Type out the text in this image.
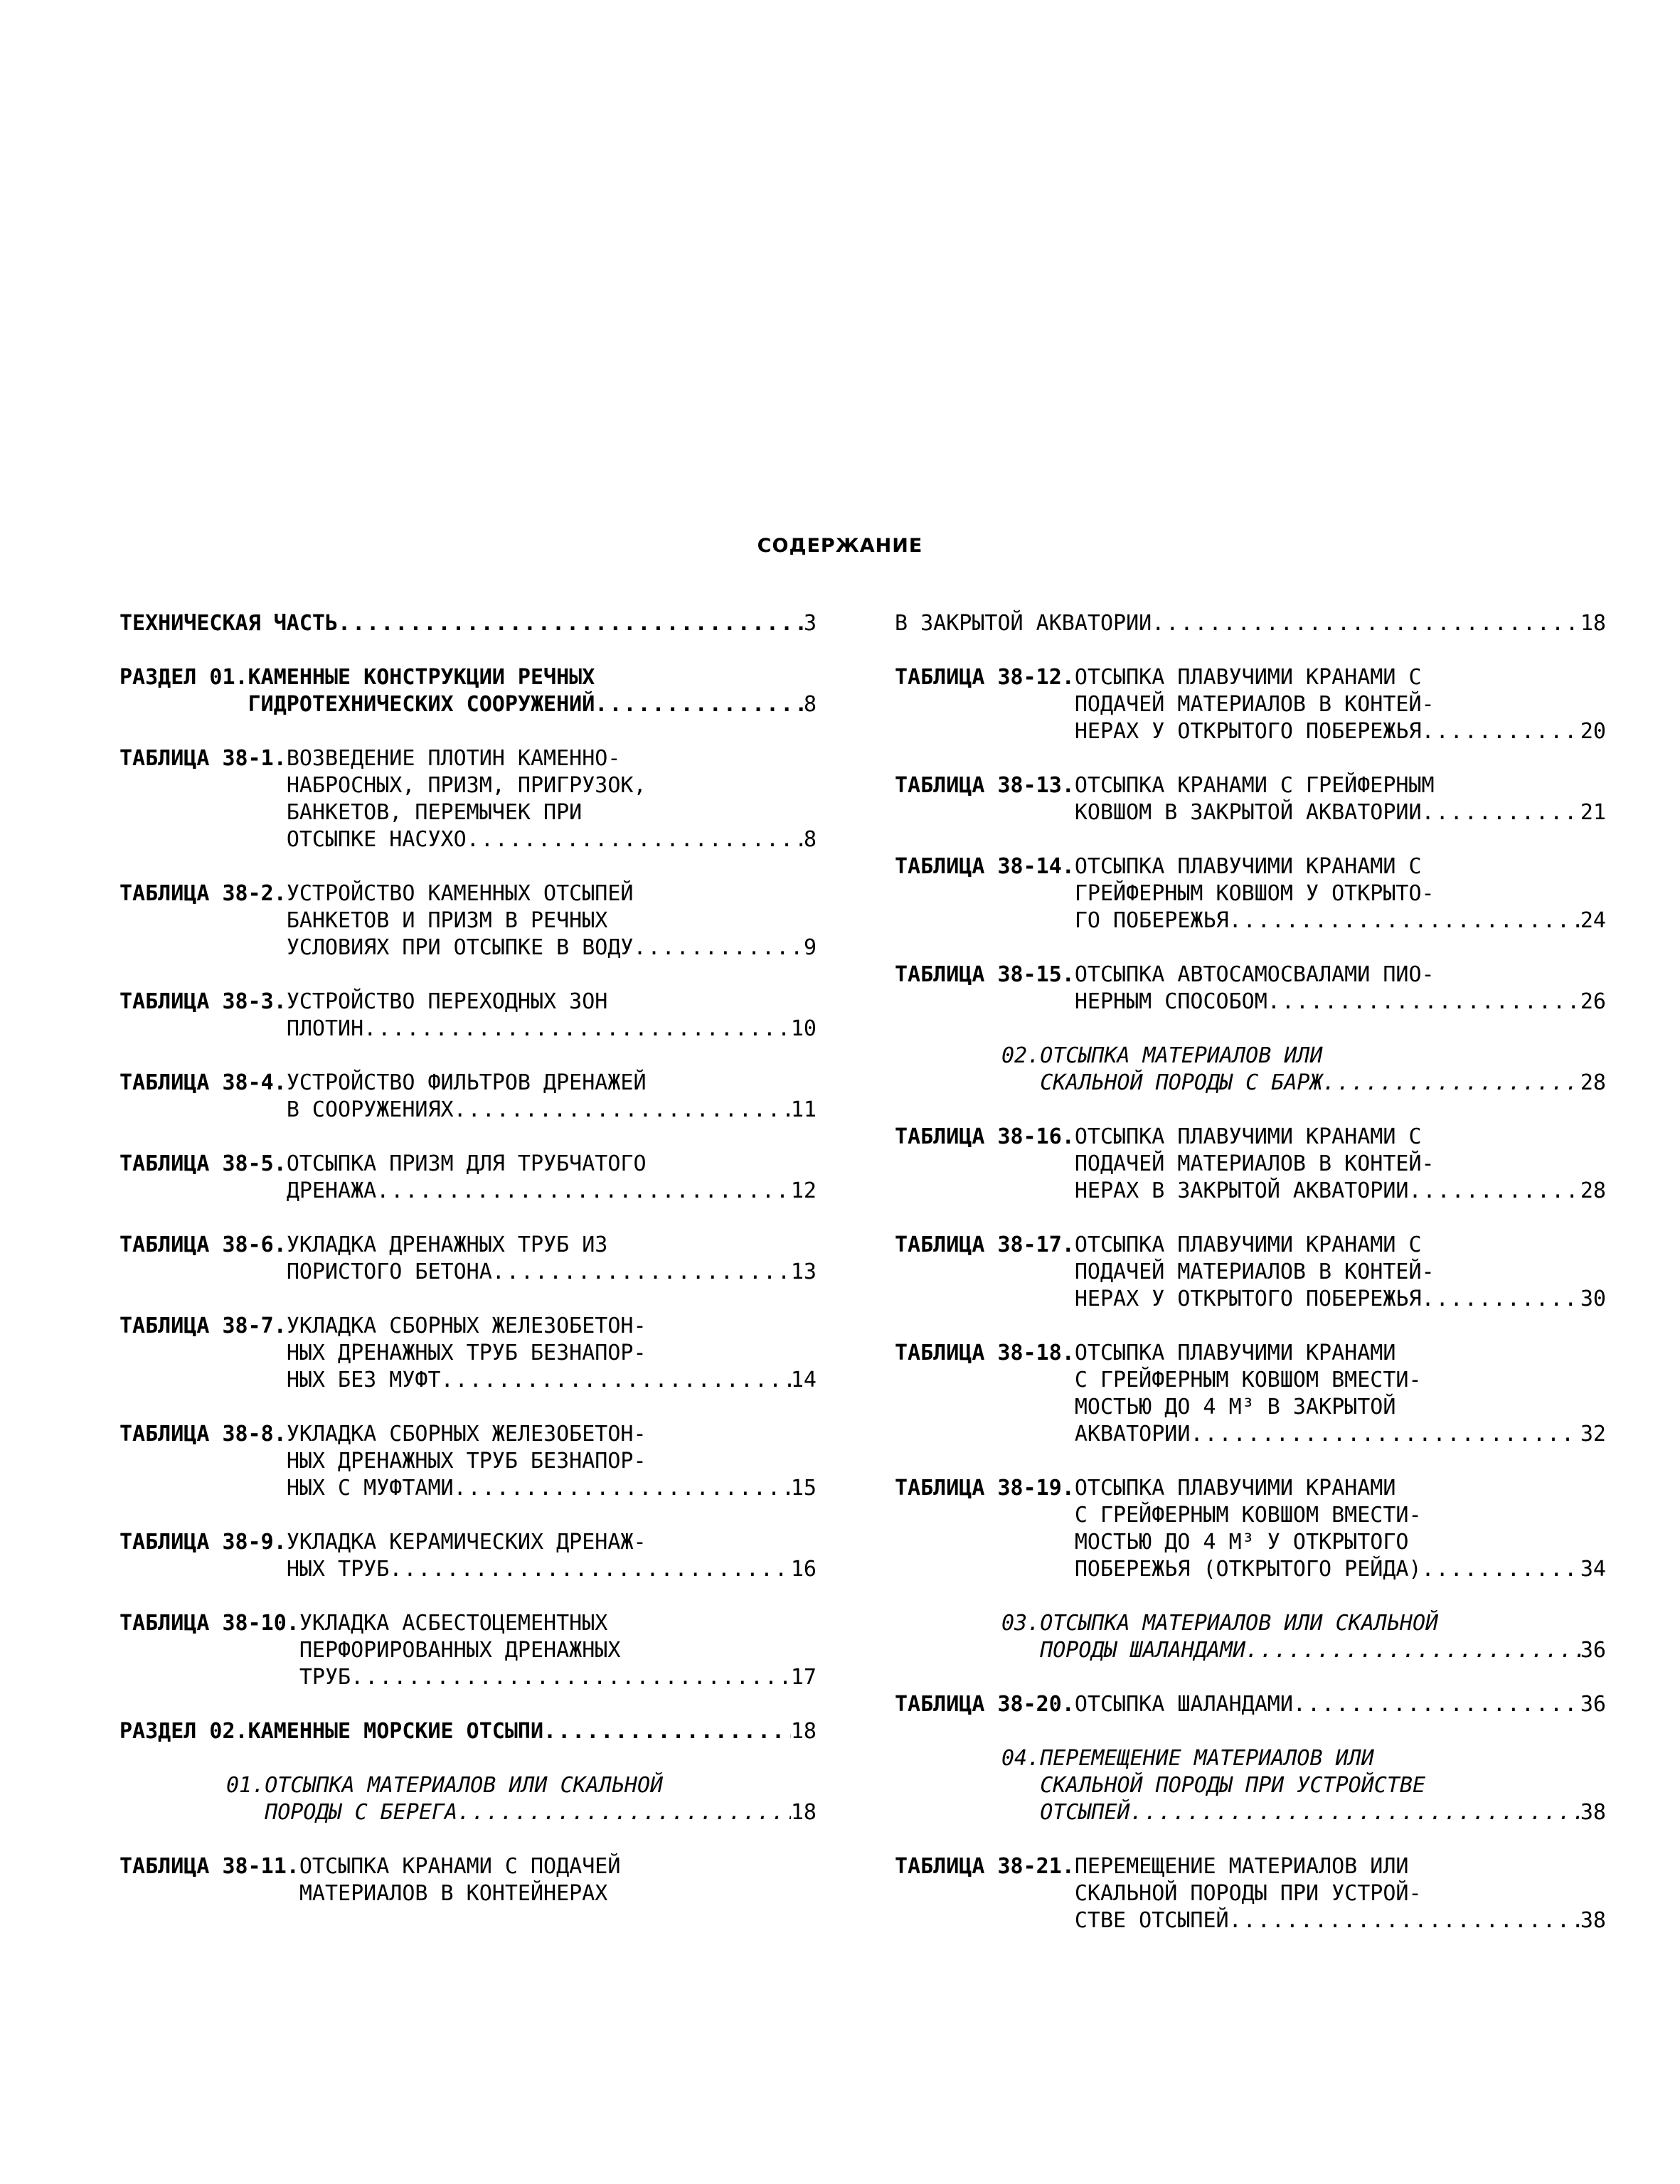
СОДЕРЖАНИЕ
ТЕХНИЧЕСКАЯ ЧАСТЬ .....	3
РАЗДЕЛ 01. КАМЕННЫЕ КОНСТРУКЦИИ РЕЧНЫХ
ГИДРОТЕХНИЧЕСКИХ СООРУЖЕНИЙ .....	8
ТАБЛИЦА 38-1. ВОЗВЕДЕНИЕ ПЛОТИН КАМЕННО-
НАБРОСНЫХ, ПРИЗМ, ПРИГРУЗОК,
БАНКЕТОВ, ПЕРЕМЫЧЕК ПРИ
ОТСЫПКЕ НАСУХО .....	8
ТАБЛИЦА 38-2. УСТРОЙСТВО КАМЕННЫХ ОТСЫПЕЙ
БАНКЕТОВ И ПРИЗМ В РЕЧНЫХ
УСЛОВИЯХ ПРИ ОТСЫПКЕ В ВОДУ .....	9
ТАБЛИЦА 38-3. УСТРОЙСТВО ПЕРЕХОДНЫХ ЗОН
ПЛОТИН .....	10
ТАБЛИЦА 38-4. УСТРОЙСТВО ФИЛЬТРОВ ДРЕНАЖЕЙ
В СООРУЖЕНИЯХ .....	11
ТАБЛИЦА 38-5. ОТСЫПКА ПРИЗМ ДЛЯ ТРУБЧАТОГО
ДРЕНАЖА .....	12
ТАБЛИЦА 38-6. УКЛАДКА ДРЕНАЖНЫХ ТРУБ ИЗ
ПОРИСТОГО БЕТОНА .....	13
ТАБЛИЦА 38-7. УКЛАДКА СБОРНЫХ ЖЕЛЕЗОБЕТОН-
НЫХ ДРЕНАЖНЫХ ТРУБ БЕЗНАПОР-
НЫХ БЕЗ МУФТ .....	14
ТАБЛИЦА 38-8. УКЛАДКА СБОРНЫХ ЖЕЛЕЗОБЕТОН-
НЫХ ДРЕНАЖНЫХ ТРУБ БЕЗНАПОР-
НЫХ С МУФТАМИ .....	15
ТАБЛИЦА 38-9. УКЛАДКА КЕРАМИЧЕСКИХ ДРЕНАЖ-
НЫХ ТРУБ .....	16
ТАБЛИЦА 38-10. УКЛАДКА АСБЕСТОЦЕМЕНТНЫХ
ПЕРФОРИРОВАННЫХ ДРЕНАЖНЫХ
ТРУБ .....	17
РАЗДЕЛ 02. КАМЕННЫЕ МОРСКИЕ ОТСЫПИ .....	18
01. ОТСЫПКА МАТЕРИАЛОВ ИЛИ СКАЛЬНОЙ
ПОРОДЫ С БЕРЕГА .....	18
ТАБЛИЦА 38-11. ОТСЫПКА КРАНАМИ С ПОДАЧЕЙ
МАТЕРИАЛОВ В КОНТЕЙНЕРАХ
В ЗАКРЫТОЙ АКВАТОРИИ .....	18
ТАБЛИЦА 38-12. ОТСЫПКА ПЛАВУЧИМИ КРАНАМИ С
ПОДАЧЕЙ МАТЕРИАЛОВ В КОНТЕЙ-
НЕРАХ У ОТКРЫТОГО ПОБЕРЕЖЬЯ .....	20
ТАБЛИЦА 38-13. ОТСЫПКА КРАНАМИ С ГРЕЙФЕРНЫМ
КОВШОМ В ЗАКРЫТОЙ АКВАТОРИИ .....	21
ТАБЛИЦА 38-14. ОТСЫПКА ПЛАВУЧИМИ КРАНАМИ С
ГРЕЙФЕРНЫМ КОВШОМ У ОТКРЫТО-
ГО ПОБЕРЕЖЬЯ .....	24
ТАБЛИЦА 38-15. ОТСЫПКА АВТОСАМОСВАЛАМИ ПИО-
НЕРНЫМ СПОСОБОМ .....	26
02. ОТСЫПКА МАТЕРИАЛОВ ИЛИ
СКАЛЬНОЙ ПОРОДЫ С БАРЖ .....	28
ТАБЛИЦА 38-16. ОТСЫПКА ПЛАВУЧИМИ КРАНАМИ С
ПОДАЧЕЙ МАТЕРИАЛОВ В КОНТЕЙ-
НЕРАХ В ЗАКРЫТОЙ АКВАТОРИИ .....	28
ТАБЛИЦА 38-17. ОТСЫПКА ПЛАВУЧИМИ КРАНАМИ С
ПОДАЧЕЙ МАТЕРИАЛОВ В КОНТЕЙ-
НЕРАХ У ОТКРЫТОГО ПОБЕРЕЖЬЯ .....	30
ТАБЛИЦА 38-18. ОТСЫПКА ПЛАВУЧИМИ КРАНАМИ
С ГРЕЙФЕРНЫМ КОВШОМ ВМЕСТИ-
МОСТЬЮ ДО 4 М³ В ЗАКРЫТОЙ
АКВАТОРИИ .....	32
ТАБЛИЦА 38-19. ОТСЫПКА ПЛАВУЧИМИ КРАНАМИ
С ГРЕЙФЕРНЫМ КОВШОМ ВМЕСТИ-
МОСТЬЮ ДО 4 М³ У ОТКРЫТОГО
ПОБЕРЕЖЬЯ (ОТКРЫТОГО РЕЙДА) .....	34
03. ОТСЫПКА МАТЕРИАЛОВ ИЛИ СКАЛЬНОЙ
ПОРОДЫ ШАЛАНДАМИ .....	36
ТАБЛИЦА 38-20. ОТСЫПКА ШАЛАНДАМИ .....	36
04. ПЕРЕМЕЩЕНИЕ МАТЕРИАЛОВ ИЛИ
СКАЛЬНОЙ ПОРОДЫ ПРИ УСТРОЙСТВЕ
ОТСЫПЕЙ .....	38
ТАБЛИЦА 38-21. ПЕРЕМЕЩЕНИЕ МАТЕРИАЛОВ ИЛИ
СКАЛЬНОЙ ПОРОДЫ ПРИ УСТРОЙ-
СТВЕ ОТСЫПЕЙ .....	38
